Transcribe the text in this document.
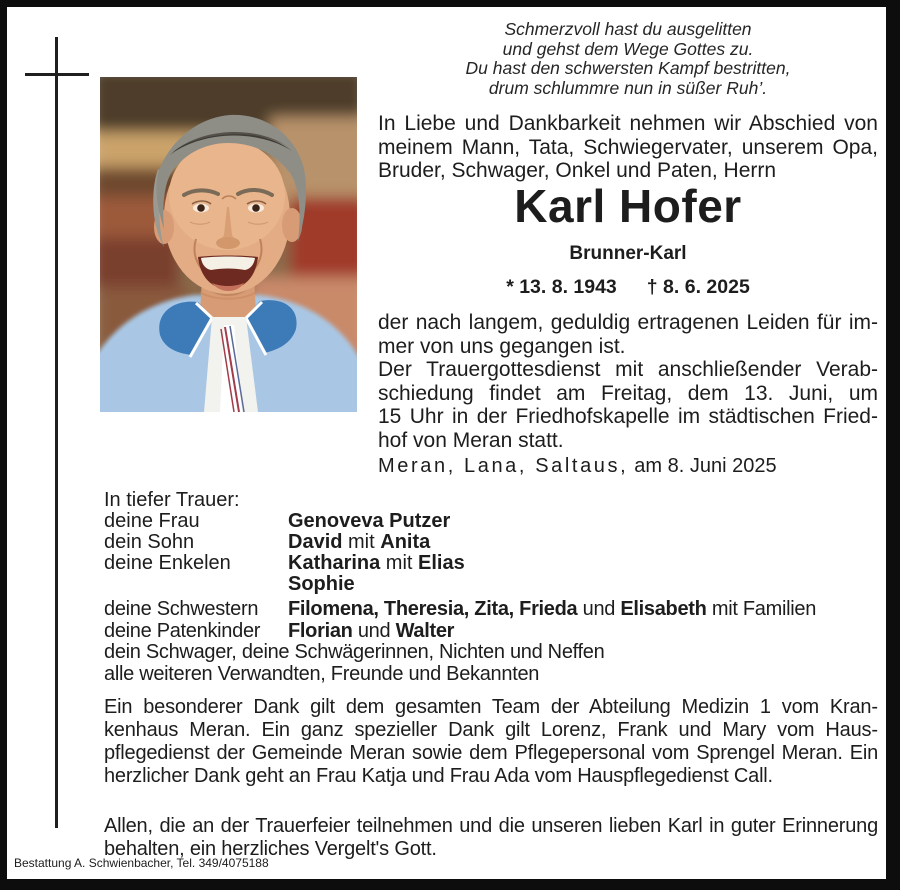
Schmerzvoll hast du ausgelitten
und gehst dem Wege Gottes zu.
Du hast den schwersten Kampf bestritten,
drum schlummre nun in süßer Ruh’.
In Liebe und Dankbarkeit nehmen wir Abschied von meinem Mann, Tata, Schwiegervater, unserem Opa, Bruder, Schwager, Onkel und Paten, Herrn
Karl Hofer
Brunner-Karl
* 13. 8. 1943 † 8. 6. 2025
der nach langem, geduldig ertragenen Leiden für immer von uns gegangen ist.
Der Trauergottesdienst mit anschließender Verabschiedung findet am Freitag, dem 13. Juni, um 15 Uhr in der Friedhofskapelle im städtischen Friedhof von Meran statt.
Meran, Lana, Saltaus, am 8. Juni 2025
In tiefer Trauer:
deine Frau	Genoveva Putzer
dein Sohn	David mit Anita
deine Enkelen	Katharina mit Elias
Sophie
deine Schwestern Filomena, Theresia, Zita, Frieda und Elisabeth mit Familien
deine Patenkinder Florian und Walter
dein Schwager, deine Schwägerinnen, Nichten und Neffen
alle weiteren Verwandten, Freunde und Bekannten
Ein besonderer Dank gilt dem gesamten Team der Abteilung Medizin 1 vom Krankenhaus Meran. Ein ganz spezieller Dank gilt Lorenz, Frank und Mary vom Hauspflegedienst der Gemeinde Meran sowie dem Pflegepersonal vom Sprengel Meran. Ein herzlicher Dank geht an Frau Katja und Frau Ada vom Hauspflegedienst Call.
Allen, die an der Trauerfeier teilnehmen und die unseren lieben Karl in guter Erinnerung behalten, ein herzliches Vergelt's Gott.
Bestattung A. Schwienbacher, Tel. 349/4075188
